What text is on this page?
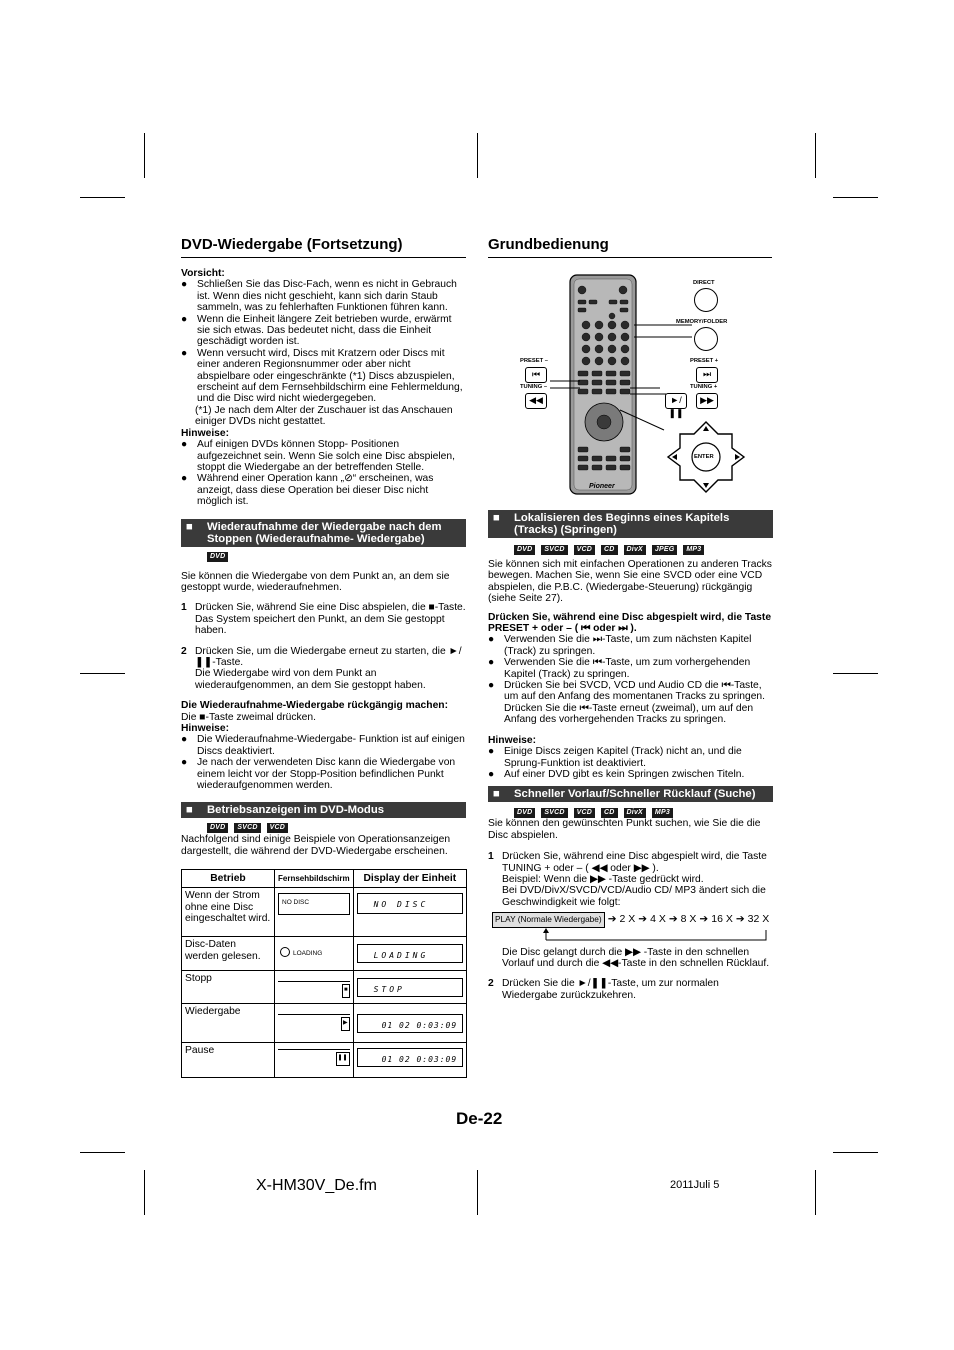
DVD-Wiedergabe (Fortsetzung)	Grundbedienung

Vorsicht:

● Schließen Sie das Disc-Fach, wenn es nicht in Gebrauch ist. Wenn dies nicht geschieht, kann sich darin Staub sammeln, was zu fehlerhaften Funktionen führen kann.
● Wenn die Einheit längere Zeit betrieben wurde, erwärmt sie sich etwas. Das bedeutet nicht, dass die Einheit geschädigt worden ist.
● Wenn versucht wird, Discs mit Kratzern oder Discs mit einer anderen Regionsnummer oder aber nicht abspielbare oder eingeschränkte (*1) Discs abzuspielen, erscheint auf dem Fernsehbildschirm eine Fehlermeldung, und die Disc wird nicht wiedergegeben.

(*1) Je nach dem Alter der Zuschauer ist das Anschauen einiger DVDs nicht gestattet.

Hinweise:

● Auf einigen DVDs können Stopp- Positionen aufgezeichnet sein. Wenn Sie solch eine Disc abspielen, stoppt die Wiedergabe an der betreffenden Stelle.
● Während einer Operation kann „⊘“ erscheinen, was anzeigt, dass diese Operation bei dieser Disc nicht möglich ist.
■ Wiederaufnahme der Wiedergabe nach dem Stoppen (Wiederaufnahme- Wiedergabe)
DVD

Sie können die Wiedergabe von dem Punkt an, an dem sie gestoppt wurde, wiederaufnehmen.

1 Drücken Sie, während Sie eine Disc abspielen, die ■-Taste. Das System speichert den Punkt, an dem Sie gestoppt haben.
2 Drücken Sie, um die Wiedergabe erneut zu starten, die ►/❚❚-Taste.
Die Wiedergabe wird von dem Punkt an wiederaufgenommen, an dem Sie gestoppt haben.

Die Wiederaufnahme-Wiedergabe rückgängig machen:

Die ■-Taste zweimal drücken.

Hinweise:

● Die Wiederaufnahme-Wiedergabe- Funktion ist auf einigen Discs deaktiviert.
● Je nach der verwendeten Disc kann die Wiedergabe von einem leicht vor der Stopp-Position befindlichen Punkt wiederaufgenommen werden.
■ Betriebsanzeigen im DVD-Modus
DVD	SVCD	VCD

Nachfolgend sind einige Beispiele von Operationsanzeigen dargestellt, die während der DVD-Wiedergabe erscheinen.

Betrieb	Fernsehbildschirm	Display der Einheit
Wenn der Strom ohne eine Disc eingeschaltet wird.	NO DISC	NO DISC

Disc-Daten werden gelesen.	LOADING	LOADING

Stopp	■	STOP

Wiedergabe	▶	01 02 0:03:09

Pause	❚❚	01 02 0:03:09
DIRECT
MEMORY/FOLDER
PRESET –
⏮
TUNING –
◀◀
PRESET +
⏭
TUNING +
►/❚❚
▶▶
ENTER
Pioneer
■ Lokalisieren des Beginns eines Kapitels (Tracks) (Springen)
DVD	SVCD	VCD	CD	DivX	JPEG	MP3

Sie können sich mit einfachen Operationen zu anderen Tracks bewegen. Machen Sie, wenn Sie eine SVCD oder eine VCD abspielen, die P.B.C. (Wiedergabe-Steuerung) rückgängig (siehe Seite 27).

Drücken Sie, während eine Disc abgespielt wird, die Taste PRESET + oder – ( ⏮ oder ⏭ ).

● Verwenden Sie die ⏭-Taste, um zum nächsten Kapitel (Track) zu springen.
● Verwenden Sie die ⏮-Taste, um zum vorhergehenden Kapitel (Track) zu springen.
● Drücken Sie bei SVCD, VCD und Audio CD die ⏮-Taste, um auf den Anfang des momentanen Tracks zu springen. Drücken Sie die ⏮-Taste erneut (zweimal), um auf den Anfang des vorhergehenden Tracks zu springen.

Hinweise:

● Einige Discs zeigen Kapitel (Track) nicht an, und die Sprung-Funktion ist deaktiviert.
● Auf einer DVD gibt es kein Springen zwischen Titeln.
■ Schneller Vorlauf/Schneller Rücklauf (Suche)
DVD	SVCD	VCD	CD	DivX	MP3

Sie können den gewünschten Punkt suchen, wie Sie die die Disc abspielen.

1 Drücken Sie, während eine Disc abgespielt wird, die Taste TUNING + oder – ( ◀◀ oder ▶▶ ).
Beispiel: Wenn die ▶▶ -Taste gedrückt wird.
Bei DVD/DivX/SVCD/VCD/Audio CD/ MP3 ändert sich die Geschwindigkeit wie folgt:
PLAY (Normale Wiedergabe) ➔ 2 X ➔ 4 X ➔ 8 X ➔ 16 X ➔ 32 X

Die Disc gelangt durch die ▶▶ -Taste in den schnellen Vorlauf und durch die ◀◀-Taste in den schnellen Rücklauf.

2 Drücken Sie die ►/❚❚-Taste, um zur normalen Wiedergabe zurückzukehren.
De-22
X-HM30V_De.fm	2011Juli 5
